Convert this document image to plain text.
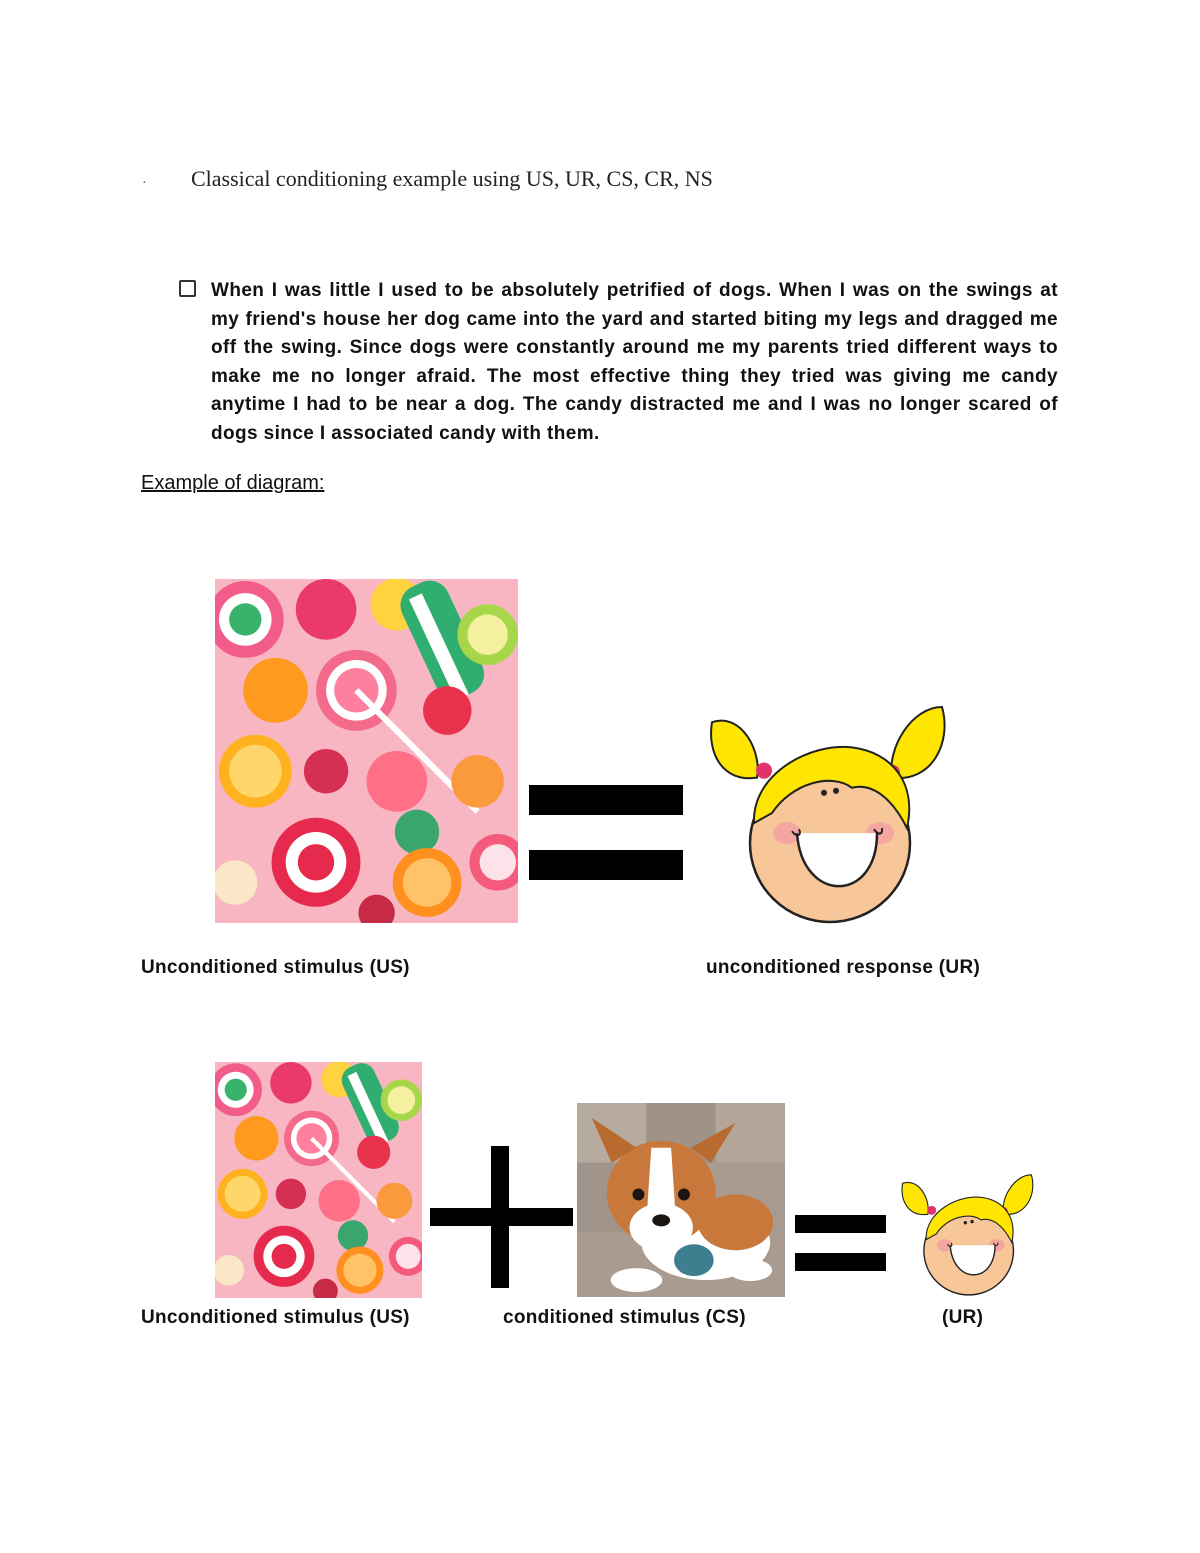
· Classical conditioning example using US, UR, CS, CR, NS

When I was little I used to be absolutely petrified of dogs. When I was on the swings at my friend's house her dog came into the yard and started biting my legs and dragged me off the swing. Since dogs were constantly around me my parents tried different ways to make me no longer afraid. The most effective thing they tried was giving me candy anytime I had to be near a dog. The candy distracted me and I was no longer scared of dogs since I associated candy with them.

Example of diagram:
Unconditioned stimulus (US)	unconditioned response (UR)
Unconditioned stimulus (US)	conditioned stimulus (CS)	(UR)
